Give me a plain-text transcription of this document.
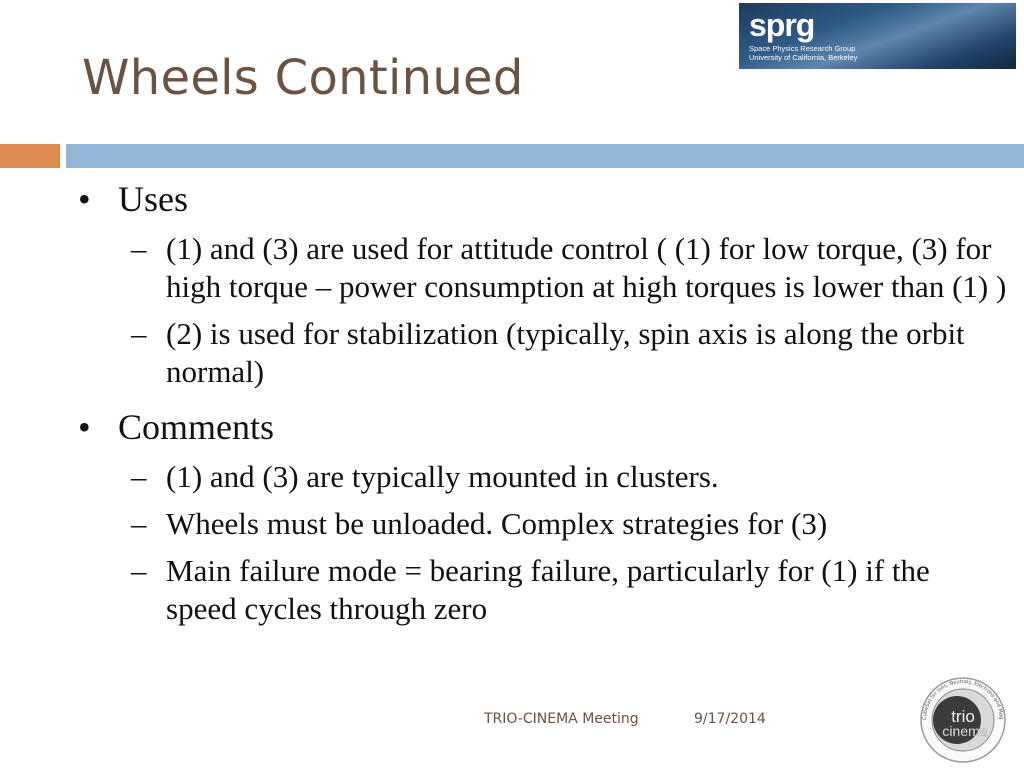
Wheels Continued
sprg
Space Physics Research Group
University of California, Berkeley
• Uses
– (1) and (3) are used for attitude control ( (1) for low torque, (3) for high torque – power consumption at high torques is lower than (1) )
– (2) is used for stabilization (typically, spin axis is along the orbit normal)
• Comments
– (1) and (3) are typically mounted in clusters.
– Wheels must be unloaded. Complex strategies for (3)
– Main failure mode = bearing failure, particularly for (1) if the speed cycles through zero
TRIO-CINEMA Meeting	9/17/2014	CubeSat for Ions, Neutrals, Electrons and Mag
trio
cinema
